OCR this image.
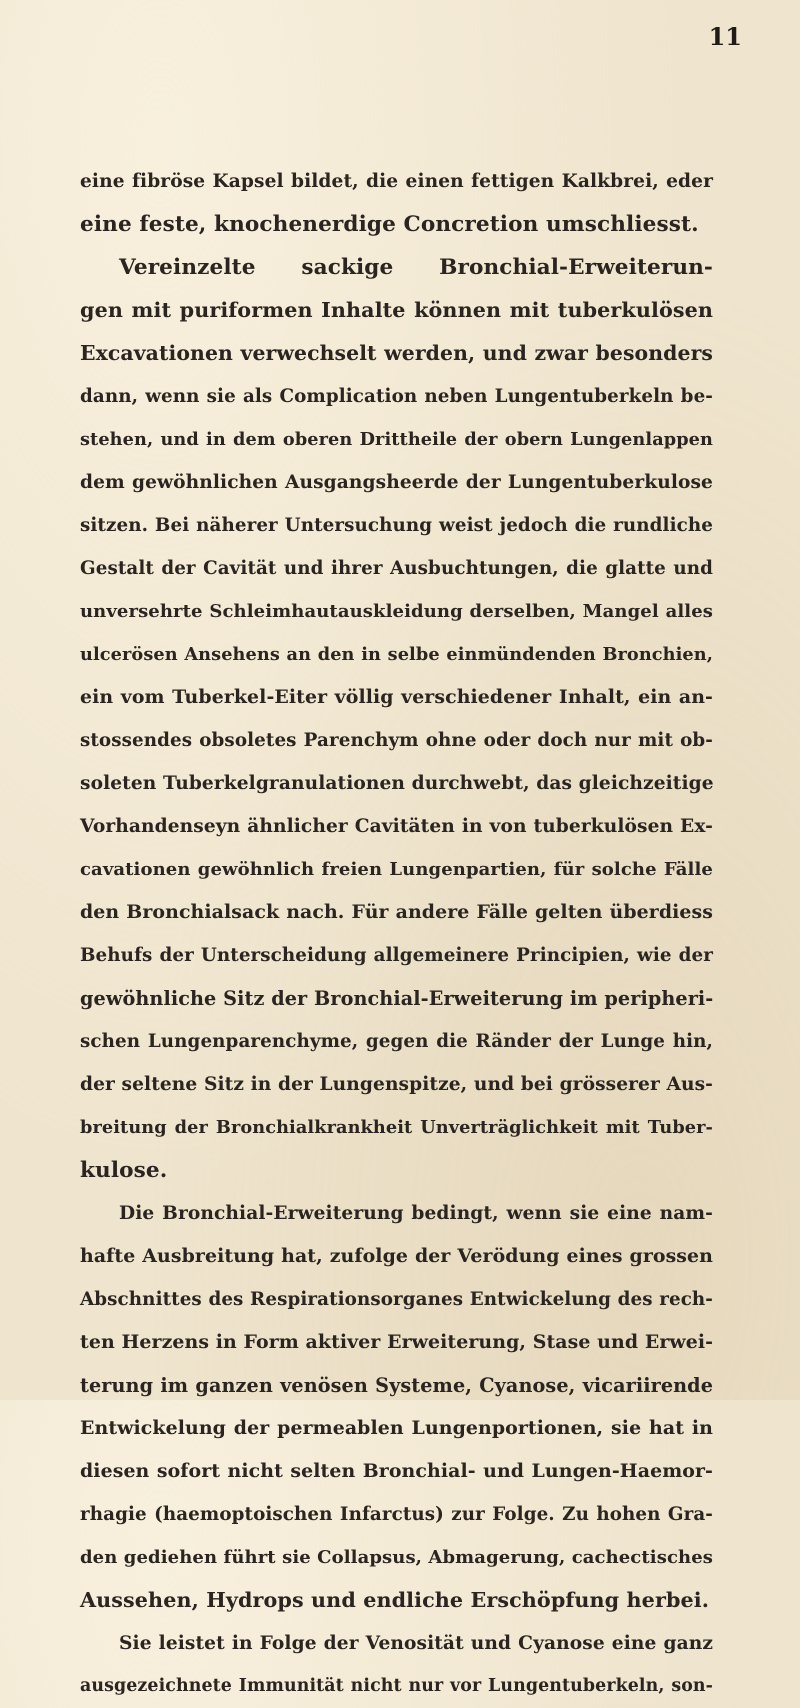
11
eine fibröse Kapsel bildet, die einen fettigen Kalkbrei, eder
eine feste, knochenerdige Concretion umschliesst.
Vereinzelte sackige Bronchial-Erweiterun-
gen mit puriformen Inhalte können mit tuberkulösen
Excavationen verwechselt werden, und zwar besonders
dann, wenn sie als Complication neben Lungentuberkeln be-
stehen, und in dem oberen Drittheile der obern Lungenlappen
dem gewöhnlichen Ausgangsheerde der Lungentuberkulose
sitzen. Bei näherer Untersuchung weist jedoch die rundliche
Gestalt der Cavität und ihrer Ausbuchtungen, die glatte und
unversehrte Schleimhautauskleidung derselben, Mangel alles
ulcerösen Ansehens an den in selbe einmündenden Bronchien,
ein vom Tuberkel-Eiter völlig verschiedener Inhalt, ein an-
stossendes obsoletes Parenchym ohne oder doch nur mit ob-
soleten Tuberkelgranulationen durchwebt, das gleichzeitige
Vorhandenseyn ähnlicher Cavitäten in von tuberkulösen Ex-
cavationen gewöhnlich freien Lungenpartien, für solche Fälle
den Bronchialsack nach. Für andere Fälle gelten überdiess
Behufs der Unterscheidung allgemeinere Principien, wie der
gewöhnliche Sitz der Bronchial-Erweiterung im peripheri-
schen Lungenparenchyme, gegen die Ränder der Lunge hin,
der seltene Sitz in der Lungenspitze, und bei grösserer Aus-
breitung der Bronchialkrankheit Unverträglichkeit mit Tuber-
kulose.
Die Bronchial-Erweiterung bedingt, wenn sie eine nam-
hafte Ausbreitung hat, zufolge der Verödung eines grossen
Abschnittes des Respirationsorganes Entwickelung des rech-
ten Herzens in Form aktiver Erweiterung, Stase und Erwei-
terung im ganzen venösen Systeme, Cyanose, vicariirende
Entwickelung der permeablen Lungenportionen, sie hat in
diesen sofort nicht selten Bronchial- und Lungen-Haemor-
rhagie (haemoptoischen Infarctus) zur Folge. Zu hohen Gra-
den gediehen führt sie Collapsus, Abmagerung, cachectisches
Aussehen, Hydrops und endliche Erschöpfung herbei.
Sie leistet in Folge der Venosität und Cyanose eine ganz
ausgezeichnete Immunität nicht nur vor Lungentuberkeln, son-
